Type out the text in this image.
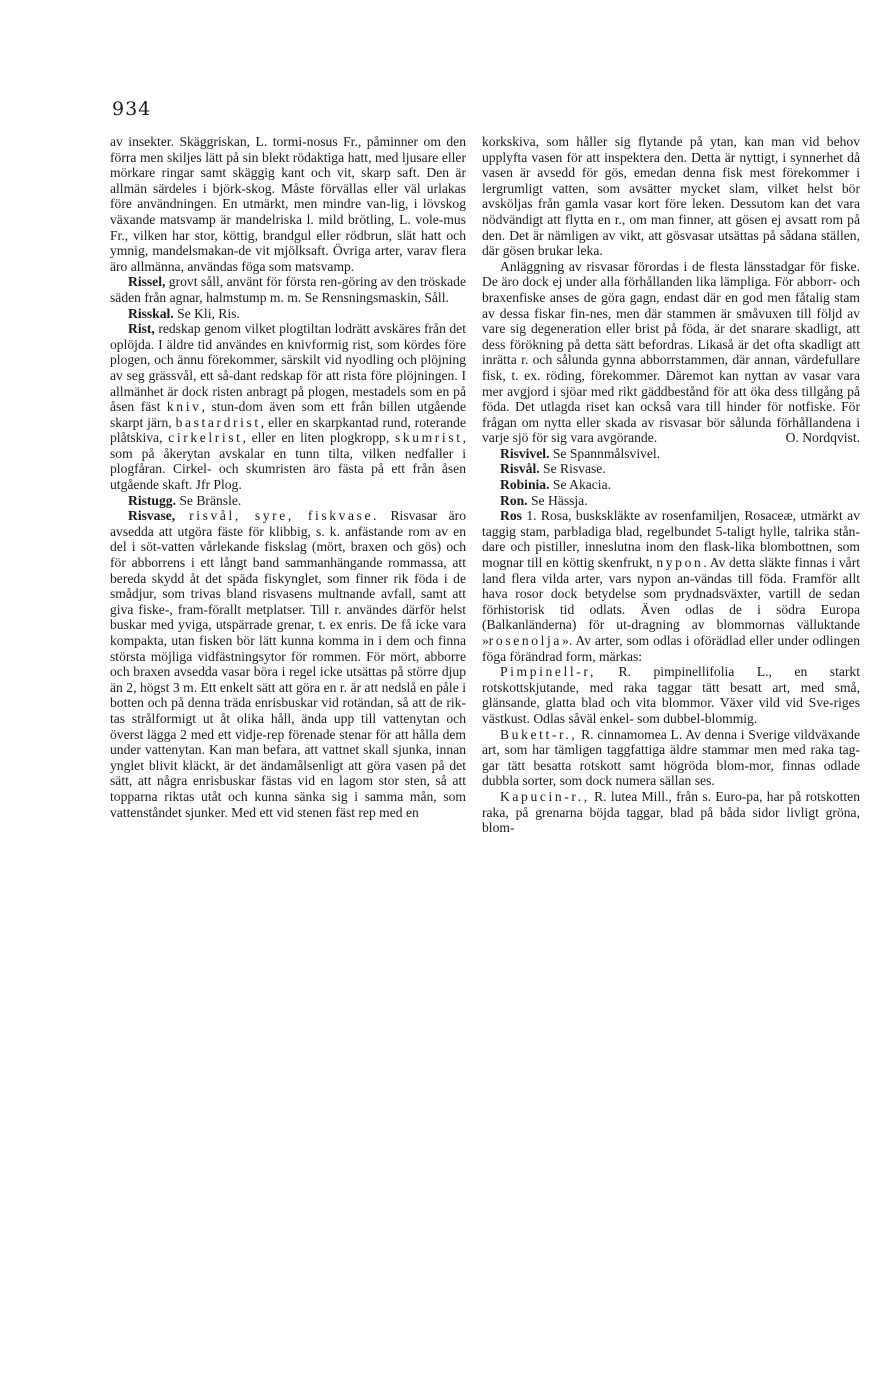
934

av insekter. Skäggriskan, L. tormi-nosus Fr., påminner om den förra men skiljes lätt på sin blekt rödaktiga hatt, med ljusare eller mörkare ringar samt skäggig kant och vit, skarp saft. Den är allmän särdeles i björk-skog. Måste förvällas eller väl urlakas före användningen. En utmärkt, men mindre van-lig, i lövskog växande matsvamp är mandelriska l. mild brötling, L. vole-mus Fr., vilken har stor, köttig, brandgul eller rödbrun, slät hatt och ymnig, mandelsmakan-de vit mjölksaft. Övriga arter, varav flera äro allmänna, användas föga som matsvamp.

Rissel, grovt såll, använt för första ren-göring av den tröskade säden från agnar, halmstump m. m. Se Rensningsmaskin, Såll.

Risskal. Se Kli, Ris.

Rist, redskap genom vilket plogtiltan lodrätt avskäres från det oplöjda. I äldre tid användes en knivformig rist, som kördes före plogen, och ännu förekommer, särskilt vid nyodling och plöjning av seg grässvål, ett så-dant redskap för att rista före plöjningen. I allmänhet är dock risten anbragt på plogen, mestadels som en på åsen fäst kniv, stun-dom även som ett från billen utgående skarpt järn, bastardrist, eller en skarpkantad rund, roterande plåtskiva, cirkelrist, eller en liten plogkropp, skumrist, som på åkerytan avskalar en tunn tilta, vilken nedfaller i plogfåran. Cirkel- och skumristen äro fästa på ett från åsen utgående skaft. Jfr Plog.

Ristugg. Se Bränsle.

Risvase, risvål, syre, fiskvase. Risvasar äro avsedda att utgöra fäste för klibbig, s. k. anfästande rom av en del i söt-vatten vårlekande fiskslag (mört, braxen och gös) och för abborrens i ett långt band sammanhängande rommassa, att bereda skydd åt det späda fiskynglet, som finner rik föda i de smådjur, som trivas bland risvasens multnande avfall, samt att giva fiske-, fram-förallt metplatser. Till r. användes därför helst buskar med yviga, utspärrade grenar, t. ex enris. De få icke vara kompakta, utan fisken bör lätt kunna komma in i dem och finna största möjliga vidfästningsytor för rommen. För mört, abborre och braxen avsedda vasar böra i regel icke utsättas på större djup än 2, högst 3 m. Ett enkelt sätt att göra en r. är att nedslå en påle i botten och på denna träda enrisbuskar vid rotändan, så att de rik-tas strålformigt ut åt olika håll, ända upp till vattenytan och överst lägga 2 med ett vidje-rep förenade stenar för att hålla dem under vattenytan. Kan man befara, att vattnet skall sjunka, innan ynglet blivit kläckt, är det ändamålsenligt att göra vasen på det sätt, att några enrisbuskar fästas vid en lagom stor sten, så att topparna riktas utåt och kunna sänka sig i samma mån, som vattenståndet sjunker. Med ett vid stenen fäst rep med en

korkskiva, som håller sig flytande på ytan, kan man vid behov upplyfta vasen för att inspektera den. Detta är nyttigt, i synnerhet då vasen är avsedd för gös, emedan denna fisk mest förekommer i lergrumligt vatten, som avsätter mycket slam, vilket helst bör avsköljas från gamla vasar kort före leken. Dessutom kan det vara nödvändigt att flytta en r., om man finner, att gösen ej avsatt rom på den. Det är nämligen av vikt, att gösvasar utsättas på sådana ställen, där gösen brukar leka.

Anläggning av risvasar förordas i de flesta länsstadgar för fiske. De äro dock ej under alla förhållanden lika lämpliga. För abborr- och braxenfiske anses de göra gagn, endast där en god men fåtalig stam av dessa fiskar fin-nes, men där stammen är småvuxen till följd av vare sig degeneration eller brist på föda, är det snarare skadligt, att dess förökning på detta sätt befordras. Likaså är det ofta skadligt att inrätta r. och sålunda gynna abborrstammen, där annan, värdefullare fisk, t. ex. röding, förekommer. Däremot kan nyttan av vasar vara mer avgjord i sjöar med rikt gäddbestånd för att öka dess tillgång på föda. Det utlagda riset kan också vara till hinder för notfiske. För frågan om nytta eller skada av risvasar bör sålunda förhållandena i varje sjö för sig vara avgörande.	O. Nordqvist.

Risvivel. Se Spannmålsvivel.

Risvål. Se Risvase.

Robinia. Se Akacia.

Ron. Se Hässja.

Ros 1. Rosa, buskskläkte av rosenfamiljen, Rosaceæ, utmärkt av taggig stam, parbladiga blad, regelbundet 5-taligt hylle, talrika stån-dare och pistiller, inneslutna inom den flask-lika blombottnen, som mognar till en köttig skenfrukt, nypon. Av detta släkte finnas i vårt land flera vilda arter, vars nypon an-vändas till föda. Framför allt hava rosor dock betydelse som prydnadsväxter, vartill de sedan förhistorisk tid odlats. Även odlas de i södra Europa (Balkanländerna) för ut-dragning av blommornas välluktande »rosenolja». Av arter, som odlas i oförädlad eller under odlingen föga förändrad form, märkas:

Pimpinell-r, R. pimpinellifolia L., en starkt rotskottskjutande, med raka taggar tätt besatt art, med små, glänsande, glatta blad och vita blommor. Växer vild vid Sve-riges västkust. Odlas såväl enkel- som dubbel-blommig.

Bukett-r., R. cinnamomea L. Av denna i Sverige vildväxande art, som har tämligen taggfattiga äldre stammar men med raka tag-gar tätt besatta rotskott samt högröda blom-mor, finnas odlade dubbla sorter, som dock numera sällan ses.

Kapucin-r., R. lutea Mill., från s. Euro-pa, har på rotskotten raka, på grenarna böjda taggar, blad på båda sidor livligt gröna, blom-
